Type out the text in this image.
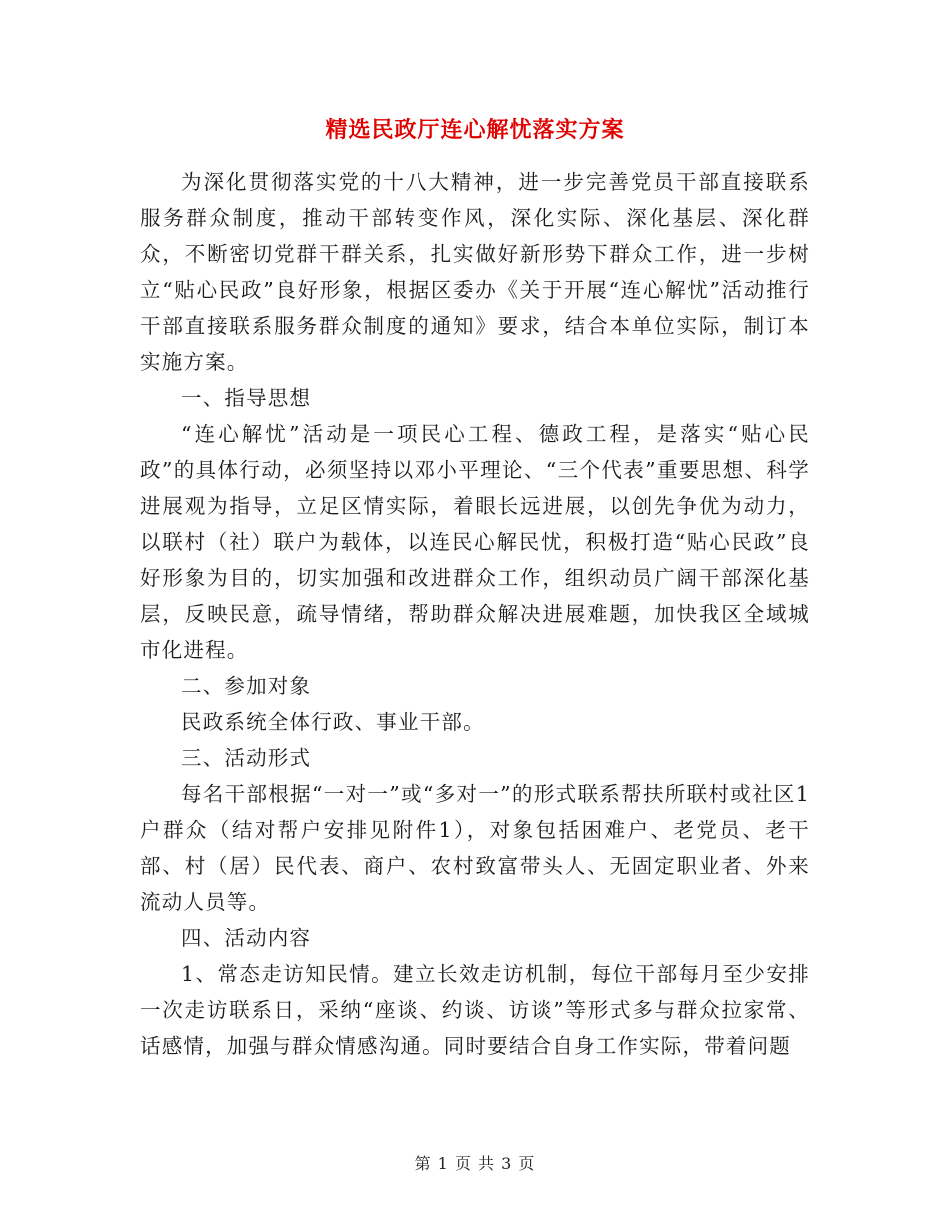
精选民政厅连心解忧落实方案

为深化贯彻落实党的十八大精神，进一步完善党员干部直接联系服务群众制度，推动干部转变作风，深化实际、深化基层、深化群众，不断密切党群干群关系，扎实做好新形势下群众工作，进一步树立“贴心民政”良好形象，根据区委办《关于开展“连心解忧”活动推行干部直接联系服务群众制度的通知》要求，结合本单位实际，制订本实施方案。

一、指导思想

“连心解忧”活动是一项民心工程、德政工程，是落实“贴心民政”的具体行动，必须坚持以邓小平理论、“三个代表”重要思想、科学进展观为指导，立足区情实际，着眼长远进展，以创先争优为动力，以联村（社）联户为载体，以连民心解民忧，积极打造“贴心民政”良好形象为目的，切实加强和改进群众工作，组织动员广阔干部深化基层，反映民意，疏导情绪，帮助群众解决进展难题，加快我区全域城市化进程。

二、参加对象

民政系统全体行政、事业干部。

三、活动形式

每名干部根据“一对一”或“多对一”的形式联系帮扶所联村或社区1户群众（结对帮户安排见附件1），对象包括困难户、老党员、老干部、村（居）民代表、商户、农村致富带头人、无固定职业者、外来流动人员等。

四、活动内容

1、常态走访知民情。建立长效走访机制，每位干部每月至少安排一次走访联系日，采纳“座谈、约谈、访谈”等形式多与群众拉家常、话感情，加强与群众情感沟通。同时要结合自身工作实际，带着问题

第 1 页 共 3 页
